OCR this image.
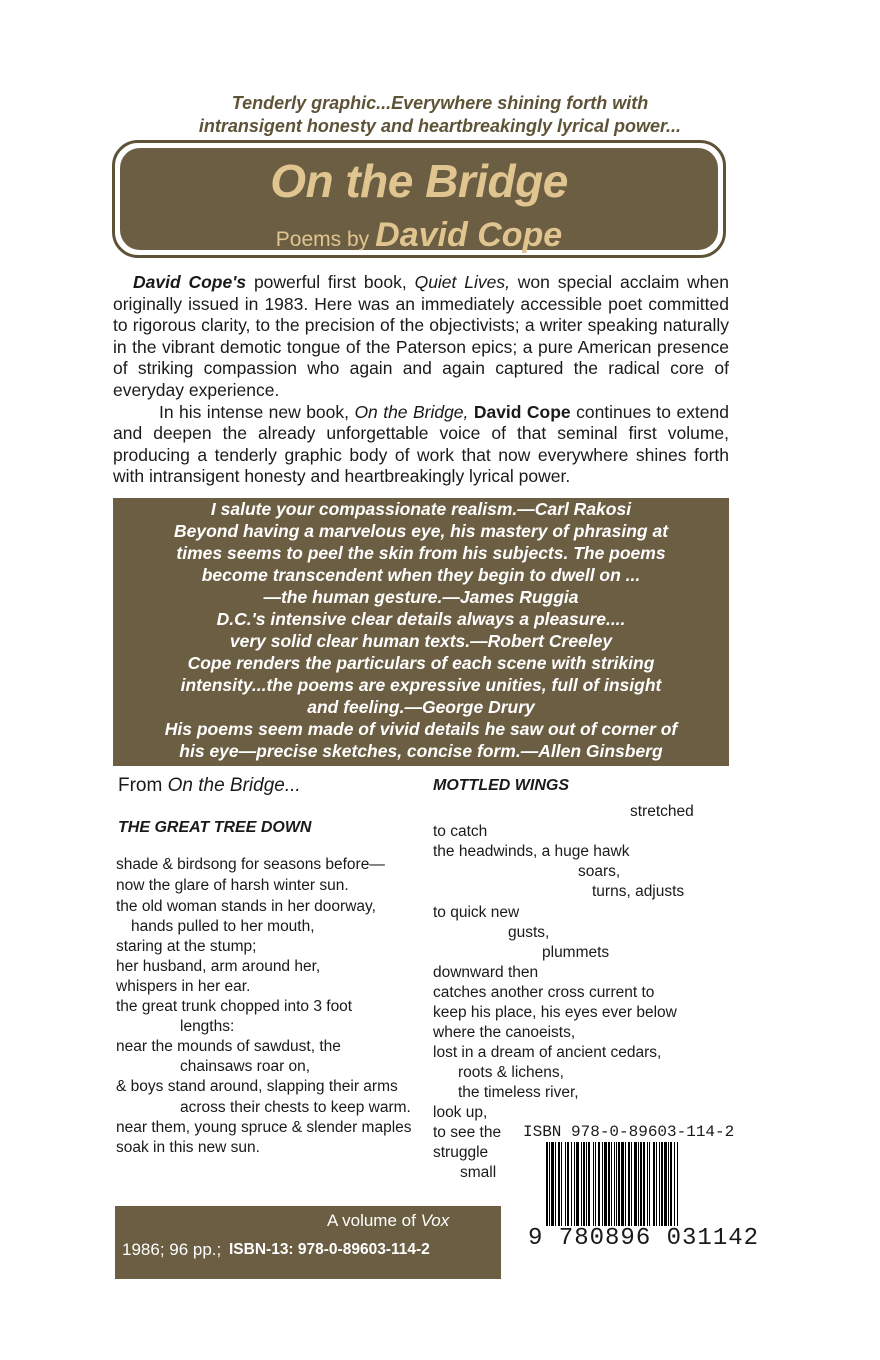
Tenderly graphic...Everywhere shining forth with
intransigent honesty and heartbreakingly lyrical power...
On the Bridge
Poems by David Cope

David Cope's powerful first book, Quiet Lives, won special acclaim when originally issued in 1983. Here was an immediately accessible poet committed to rigorous clarity, to the precision of the objectivists; a writer speaking naturally in the vibrant demotic tongue of the Paterson epics; a pure American presence of striking compassion who again and again captured the radical core of everyday experience.

In his intense new book, On the Bridge, David Cope continues to extend and deepen the already unforgettable voice of that seminal first volume, producing a tenderly graphic body of work that now everywhere shines forth with intransigent honesty and heartbreakingly lyrical power.

I salute your compassionate realism.—Carl Rakosi
Beyond having a marvelous eye, his mastery of phrasing at
times seems to peel the skin from his subjects. The poems
become transcendent when they begin to dwell on ...
—the human gesture.—James Ruggia
D.C.'s intensive clear details always a pleasure....
very solid clear human texts.—Robert Creeley
Cope renders the particulars of each scene with striking
intensity...the poems are expressive unities, full of insight
and feeling.—George Drury
His poems seem made of vivid details he saw out of corner of
his eye—precise sketches, concise form.—Allen Ginsberg
From On the Bridge...
THE GREAT TREE DOWN
shade & birdsong for seasons before—
now the glare of harsh winter sun.
the old woman stands in her doorway,
hands pulled to her mouth,
staring at the stump;
her husband, arm around her,
whispers in her ear.
the great trunk chopped into 3 foot
lengths:
near the mounds of sawdust, the
chainsaws roar on,
& boys stand around, slapping their arms
across their chests to keep warm.
near them, young spruce & slender maples
soak in this new sun.
MOTTLED WINGS
stretched
to catch
the headwinds, a huge hawk
soars,
turns, adjusts
to quick new
gusts,
plummets
downward then
catches another cross current to
keep his place, his eyes ever below
where the canoeists,
lost in a dream of ancient cedars,
roots & lichens,
the timeless river,
look up,
to see the
struggle
small
ISBN 978-0-89603-114-2
9 780896 031142
A volume of Vox
1986; 96 pp.; ISBN-13: 978-0-89603-114-2
